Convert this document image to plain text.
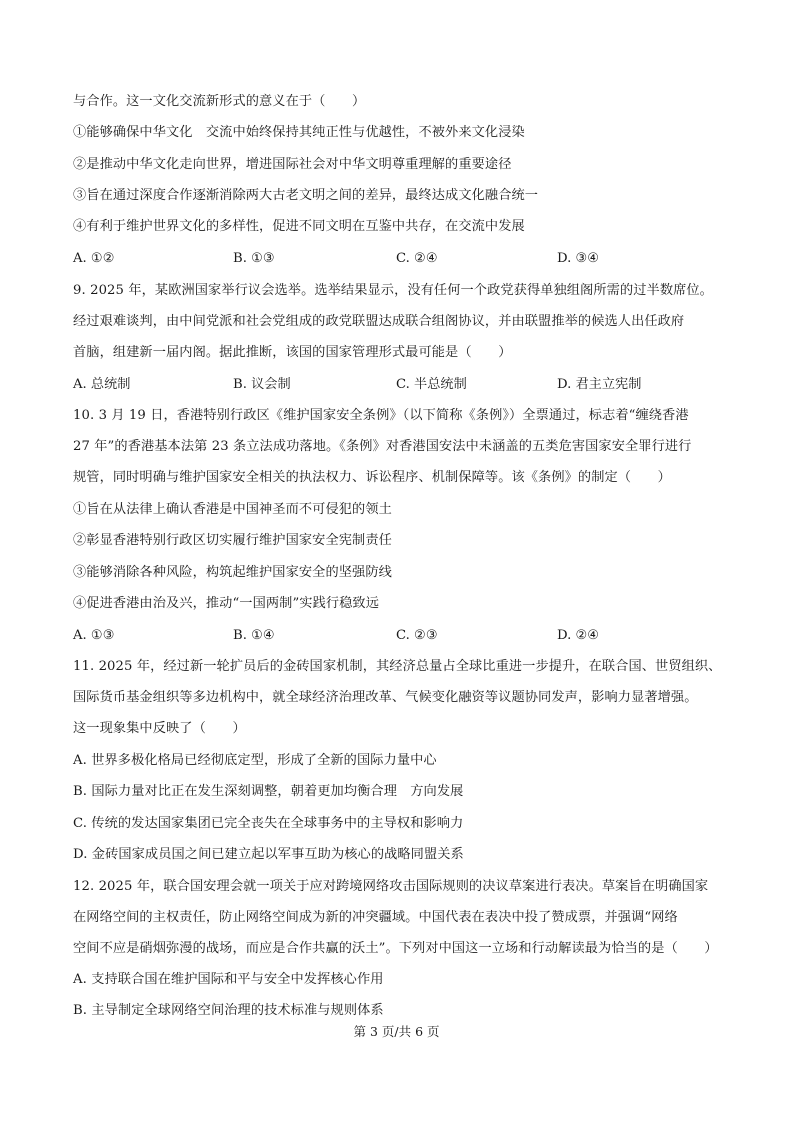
与合作。这一文化交流新形式的意义在于（　　）
①能够确保中华文化　交流中始终保持其纯正性与优越性，不被外来文化浸染
②是推动中华文化走向世界，增进国际社会对中华文明尊重理解的重要途径
③旨在通过深度合作逐渐消除两大古老文明之间的差异，最终达成文化融合统一
④有利于维护世界文化的多样性，促进不同文明在互鉴中共存，在交流中发展
A. ①②	B. ①③	C. ②④	D. ③④
9. 2025 年，某欧洲国家举行议会选举。选举结果显示，没有任何一个政党获得单独组阁所需的过半数席位。
经过艰难谈判，由中间党派和社会党组成的政党联盟达成联合组阁协议，并由联盟推举的候选人出任政府
首脑，组建新一届内阁。据此推断，该国的国家管理形式最可能是（　　）
A. 总统制	B. 议会制	C. 半总统制	D. 君主立宪制
10. 3 月 19 日，香港特别行政区《维护国家安全条例》（以下简称《条例》）全票通过，标志着“缠绕香港
27 年”的香港基本法第 23 条立法成功落地。《条例》对香港国安法中未涵盖的五类危害国家安全罪行进行
规管，同时明确与维护国家安全相关的执法权力、诉讼程序、机制保障等。该《条例》的制定（　　）
①旨在从法律上确认香港是中国神圣而不可侵犯的领土
②彰显香港特别行政区切实履行维护国家安全宪制责任
③能够消除各种风险，构筑起维护国家安全的坚强防线
④促进香港由治及兴，推动“一国两制”实践行稳致远
A. ①③	B. ①④	C. ②③	D. ②④
11. 2025 年，经过新一轮扩员后的金砖国家机制，其经济总量占全球比重进一步提升，在联合国、世贸组织、
国际货币基金组织等多边机构中，就全球经济治理改革、气候变化融资等议题协同发声，影响力显著增强。
这一现象集中反映了（　　）
A. 世界多极化格局已经彻底定型，形成了全新的国际力量中心
B. 国际力量对比正在发生深刻调整，朝着更加均衡合理　方向发展
C. 传统的发达国家集团已完全丧失在全球事务中的主导权和影响力
D. 金砖国家成员国之间已建立起以军事互助为核心的战略同盟关系
12. 2025 年，联合国安理会就一项关于应对跨境网络攻击国际规则的决议草案进行表决。草案旨在明确国家
在网络空间的主权责任，防止网络空间成为新的冲突疆域。中国代表在表决中投了赞成票，并强调“网络
空间不应是硝烟弥漫的战场，而应是合作共赢的沃土”。下列对中国这一立场和行动解读最为恰当的是（　　）
A. 支持联合国在维护国际和平与安全中发挥核心作用
B. 主导制定全球网络空间治理的技术标准与规则体系
第 3 页/共 6 页
